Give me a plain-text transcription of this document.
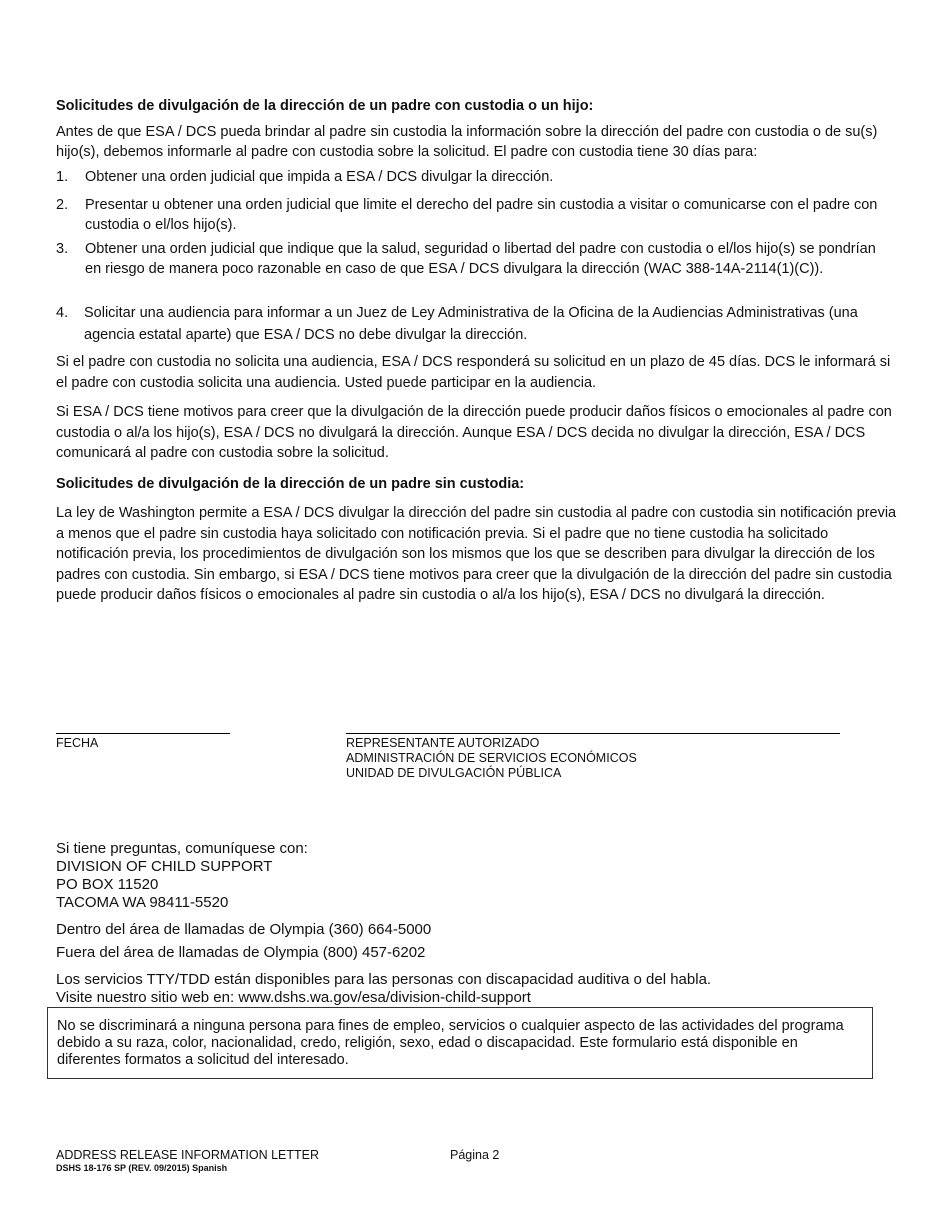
Solicitudes de divulgación de la dirección de un padre con custodia o un hijo:
Antes de que ESA / DCS pueda brindar al padre sin custodia la información sobre la dirección del padre con custodia o de su(s) hijo(s), debemos informarle al padre con custodia sobre la solicitud. El padre con custodia tiene 30 días para:
1. Obtener una orden judicial que impida a ESA / DCS divulgar la dirección.
2. Presentar u obtener una orden judicial que limite el derecho del padre sin custodia a visitar o comunicarse con el padre con custodia o el/los hijo(s).
3. Obtener una orden judicial que indique que la salud, seguridad o libertad del padre con custodia o el/los hijo(s) se pondrían en riesgo de manera poco razonable en caso de que ESA / DCS divulgara la dirección (WAC 388-14A-2114(1)(C)).
4. Solicitar una audiencia para informar a un Juez de Ley Administrativa de la Oficina de la Audiencias Administrativas (una agencia estatal aparte) que ESA / DCS no debe divulgar la dirección.
Si el padre con custodia no solicita una audiencia, ESA / DCS responderá su solicitud en un plazo de 45 días. DCS le informará si el padre con custodia solicita una audiencia. Usted puede participar en la audiencia.
Si ESA / DCS tiene motivos para creer que la divulgación de la dirección puede producir daños físicos o emocionales al padre con custodia o al/a los hijo(s), ESA / DCS no divulgará la dirección. Aunque ESA / DCS decida no divulgar la dirección, ESA / DCS comunicará al padre con custodia sobre la solicitud.
Solicitudes de divulgación de la dirección de un padre sin custodia:
La ley de Washington permite a ESA / DCS divulgar la dirección del padre sin custodia al padre con custodia sin notificación previa a menos que el padre sin custodia haya solicitado con notificación previa. Si el padre que no tiene custodia ha solicitado notificación previa, los procedimientos de divulgación son los mismos que los que se describen para divulgar la dirección de los padres con custodia. Sin embargo, si ESA / DCS tiene motivos para creer que la divulgación de la dirección del padre sin custodia puede producir daños físicos o emocionales al padre sin custodia o al/a los hijo(s), ESA / DCS no divulgará la dirección.
FECHA	REPRESENTANTE AUTORIZADO
ADMINISTRACIÓN DE SERVICIOS ECONÓMICOS
UNIDAD DE DIVULGACIÓN PÚBLICA
Si tiene preguntas, comuníquese con:
DIVISION OF CHILD SUPPORT
PO BOX 11520
TACOMA WA 98411-5520
Dentro del área de llamadas de Olympia (360) 664-5000
Fuera del área de llamadas de Olympia (800) 457-6202
Los servicios TTY/TDD están disponibles para las personas con discapacidad auditiva o del habla.
Visite nuestro sitio web en: www.dshs.wa.gov/esa/division-child-support
No se discriminará a ninguna persona para fines de empleo, servicios o cualquier aspecto de las actividades del programa debido a su raza, color, nacionalidad, credo, religión, sexo, edad o discapacidad. Este formulario está disponible en diferentes formatos a solicitud del interesado.
ADDRESS RELEASE INFORMATION LETTER	Página 2
DSHS 18-176 SP (REV. 09/2015) Spanish
